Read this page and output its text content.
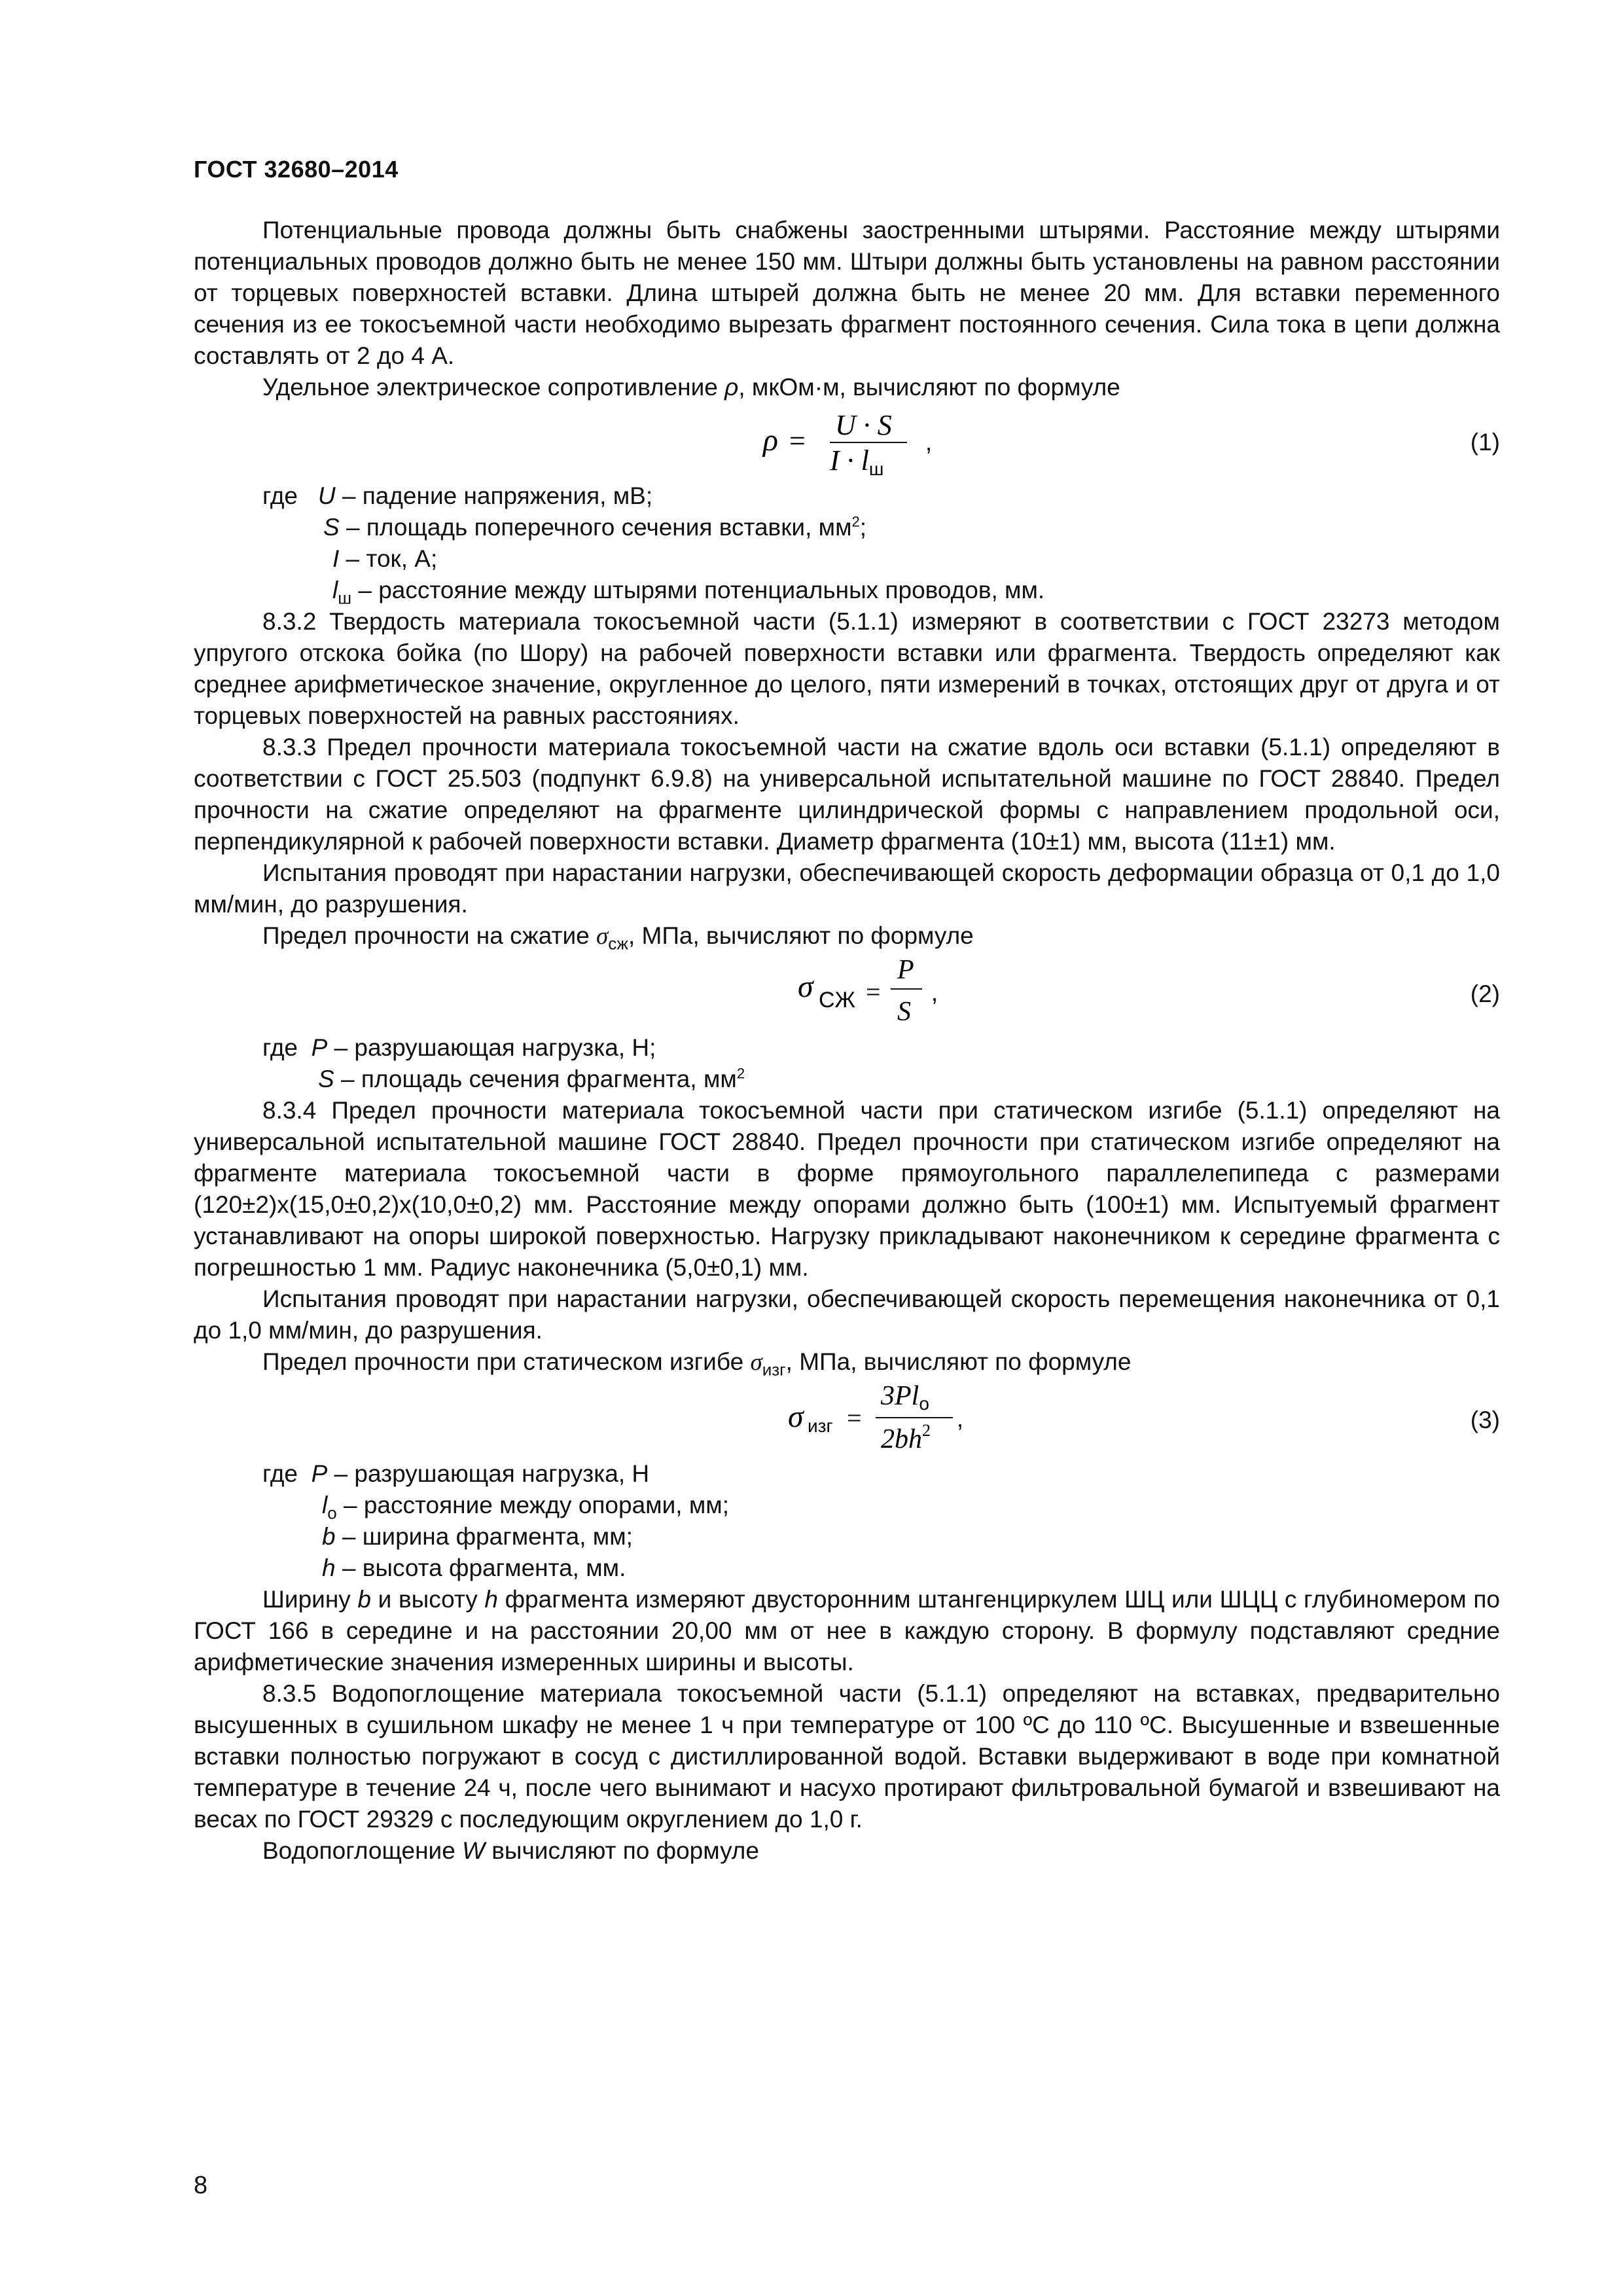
ГОСТ 32680–2014

Потенциальные провода должны быть снабжены заостренными штырями. Расстояние между штырями потенциальных проводов должно быть не менее 150 мм. Штыри должны быть установлены на равном расстоянии от торцевых поверхностей вставки. Длина штырей должна быть не менее 20 мм. Для вставки переменного сечения из ее токосъемной части необходимо вырезать фрагмент постоянного сечения. Сила тока в цепи должна составлять от 2 до 4 А.

Удельное электрическое сопротивление ρ, мкОм·м, вычисляют по формуле

ρ = U · S
I · lш
,	(1)

где U – падение напряжения, мВ;

S – площадь поперечного сечения вставки, $мм^2$;

I – ток, А;

$l_ш$ – расстояние между штырями потенциальных проводов, мм.

8.3.2 Твердость материала токосъемной части (5.1.1) измеряют в соответствии с ГОСТ 23273 методом упругого отскока бойка (по Шору) на рабочей поверхности вставки или фрагмента. Твердость определяют как среднее арифметическое значение, округленное до целого, пяти измерений в точках, отстоящих друг от друга и от торцевых поверхностей на равных расстояниях.

8.3.3 Предел прочности материала токосъемной части на сжатие вдоль оси вставки (5.1.1) определяют в соответствии с ГОСТ 25.503 (подпункт 6.9.8) на универсальной испытательной машине по ГОСТ 28840. Предел прочности на сжатие определяют на фрагменте цилиндрической формы с направлением продольной оси, перпендикулярной к рабочей поверхности вставки. Диаметр фрагмента (10±1) мм, высота (11±1) мм.

Испытания проводят при нарастании нагрузки, обеспечивающей скорость деформации образца от 0,1 до 1,0 мм/мин, до разрушения.

Предел прочности на сжатие $\sigma_{сж}$, МПа, вычисляют по формуле

σ СЖ =
P
S
,	(2)

где P – разрушающая нагрузка, Н;

S – площадь сечения фрагмента, $мм^2$

8.3.4 Предел прочности материала токосъемной части при статическом изгибе (5.1.1) определяют на универсальной испытательной машине ГОСТ 28840. Предел прочности при статическом изгибе определяют на фрагменте материала токосъемной части в форме прямоугольного параллелепипеда с размерами (120±2)х(15,0±0,2)х(10,0±0,2) мм. Расстояние между опорами должно быть (100±1) мм. Испытуемый фрагмент устанавливают на опоры широкой поверхностью. Нагрузку прикладывают наконечником к середине фрагмента с погрешностью 1 мм. Радиус наконечника (5,0±0,1) мм.

Испытания проводят при нарастании нагрузки, обеспечивающей скорость перемещения наконечника от 0,1 до 1,0 мм/мин, до разрушения.

Предел прочности при статическом изгибе $\sigma_{изг}$, МПа, вычисляют по формуле

σ изг =
3Plо
$2bh^2$ ,	(3)

где P – разрушающая нагрузка, Н

$l_о$ – расстояние между опорами, мм;

b – ширина фрагмента, мм;

h – высота фрагмента, мм.

Ширину b и высоту h фрагмента измеряют двусторонним штангенциркулем ШЦ или ШЦЦ с глубиномером по ГОСТ 166 в середине и на расстоянии 20,00 мм от нее в каждую сторону. В формулу подставляют средние арифметические значения измеренных ширины и высоты.

8.3.5 Водопоглощение материала токосъемной части (5.1.1) определяют на вставках, предварительно высушенных в сушильном шкафу не менее 1 ч при температуре от 100 ºС до 110 ºС. Высушенные и взвешенные вставки полностью погружают в сосуд с дистиллированной водой. Вставки выдерживают в воде при комнатной температуре в течение 24 ч, после чего вынимают и насухо протирают фильтровальной бумагой и взвешивают на весах по ГОСТ 29329 с последующим округлением до 1,0 г.

Водопоглощение W вычисляют по формуле

8
